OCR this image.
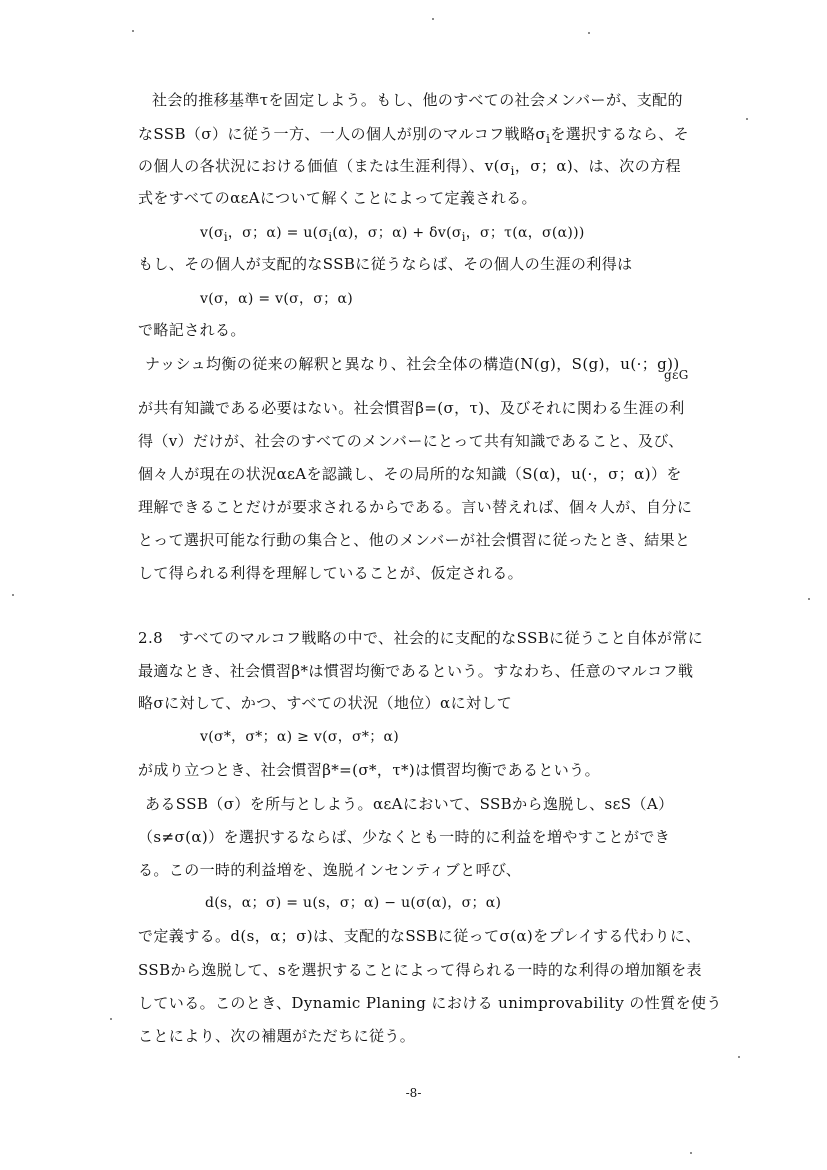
社会的推移基準τを固定しよう。もし、他のすべての社会メンバーが、支配的
なSSB（σ）に従う一方、一人の個人が別のマルコフ戦略$\sigma_i$を選択するなら、そ
の個人の各状況における価値（または生涯利得）、$v(\sigma_i$，σ；α)、は、次の方程
式をすべてのαεAについて解くことによって定義される。
$v(\sigma_i$，σ；$\alpha) = u(\sigma_i(\alpha)$，σ；$\alpha) + \delta v(\sigma_i$，σ；τ(α，σ(α)))
もし、その個人が支配的なSSBに従うならば、その個人の生涯の利得は
v(σ，α) = v(σ，σ；α)
で略記される。
ナッシュ均衡の従来の解釈と異なり、社会全体の構造(N(g)，S(g)，u(·；g))
gεG
が共有知識である必要はない。社会慣習β=(σ，τ)、及びそれに関わる生涯の利
得（v）だけが、社会のすべてのメンバーにとって共有知識であること、及び、
個々人が現在の状況αεAを認識し、その局所的な知識（S(α)，u(·，σ；α)）を
理解できることだけが要求されるからである。言い替えれば、個々人が、自分に
とって選択可能な行動の集合と、他のメンバーが社会慣習に従ったとき、結果と
して得られる利得を理解していることが、仮定される。
2.8　すべてのマルコフ戦略の中で、社会的に支配的なSSBに従うこと自体が常に
最適なとき、社会慣習β*は慣習均衡であるという。すなわち、任意のマルコフ戦
略σに対して、かつ、すべての状況（地位）αに対して
v(σ*，σ*；α) ≥ v(σ，σ*；α)
が成り立つとき、社会慣習β*=(σ*，τ*)は慣習均衡であるという。
あるSSB（σ）を所与としよう。αεAにおいて、SSBから逸脱し、sεS（A）
（s≠σ(α)）を選択するならば、少なくとも一時的に利益を増やすことができ
る。この一時的利益増を、逸脱インセンティブと呼び、
d(s，α；σ) = u(s，σ；α) − u(σ(α)，σ；α)
で定義する。d(s，α；σ)は、支配的なSSBに従ってσ(α)をプレイする代わりに、
SSBから逸脱して、sを選択することによって得られる一時的な利得の増加額を表
している。このとき、Dynamic Planing における unimprovability の性質を使う
ことにより、次の補題がただちに従う。
-8-
